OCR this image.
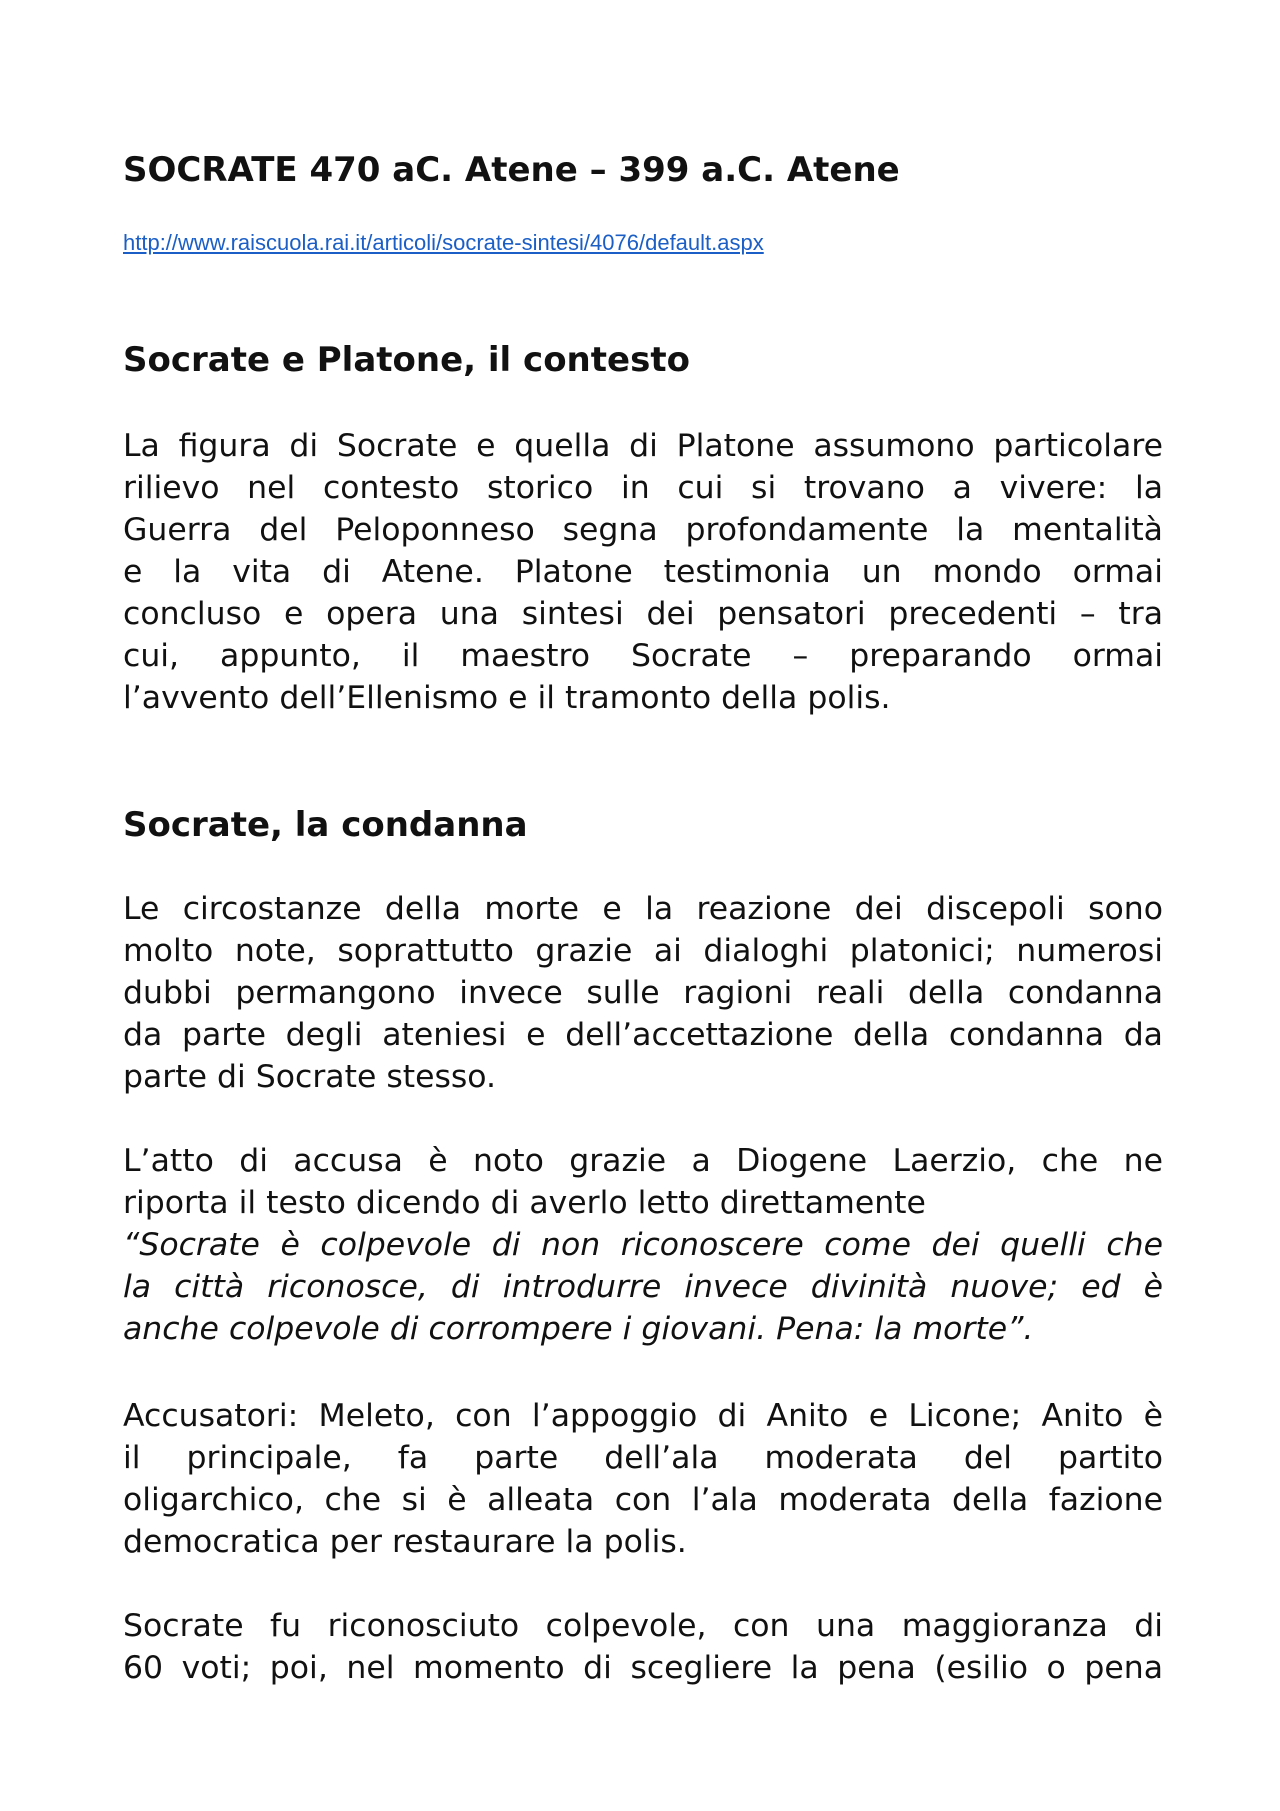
SOCRATE 470 aC. Atene – 399 a.C. Atene
http://www.raiscuola.rai.it/articoli/socrate-sintesi/4076/default.aspx
Socrate e Platone, il contesto

La figura di Socrate e quella di Platone assumono particolare
rilievo nel contesto storico in cui si trovano a vivere: la
Guerra del Peloponneso segna profondamente la mentalità
e la vita di Atene. Platone testimonia un mondo ormai
concluso e opera una sintesi dei pensatori precedenti – tra
cui, appunto, il maestro Socrate – preparando ormai
l’avvento dell’Ellenismo e il tramonto della polis.

Socrate, la condanna

Le circostanze della morte e la reazione dei discepoli sono
molto note, soprattutto grazie ai dialoghi platonici; numerosi
dubbi permangono invece sulle ragioni reali della condanna
da parte degli ateniesi e dell’accettazione della condanna da
parte di Socrate stesso.

L’atto di accusa è noto grazie a Diogene Laerzio, che ne
riporta il testo dicendo di averlo letto direttamente
“Socrate è colpevole di non riconoscere come dei quelli che
la città riconosce, di introdurre invece divinità nuove; ed è
anche colpevole di corrompere i giovani. Pena: la morte”.

Accusatori: Meleto, con l’appoggio di Anito e Licone; Anito è
il principale, fa parte dell’ala moderata del partito
oligarchico, che si è alleata con l’ala moderata della fazione
democratica per restaurare la polis.

Socrate fu riconosciuto colpevole, con una maggioranza di
60 voti; poi, nel momento di scegliere la pena (esilio o pena
